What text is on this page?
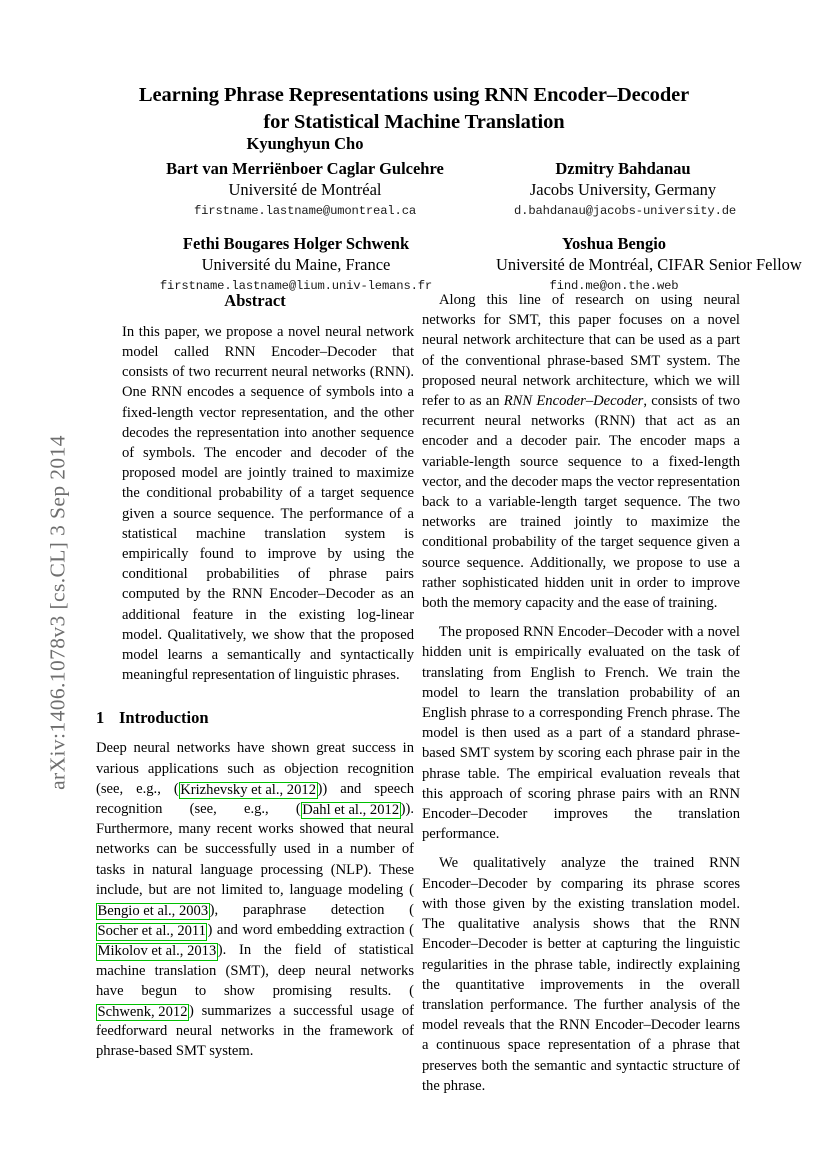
arXiv:1406.1078v3 [cs.CL] 3 Sep 2014
Learning Phrase Representations using RNN Encoder–Decoder
for Statistical Machine Translation
Kyunghyun Cho
Bart van Merriënboer Caglar Gulcehre
Université de Montréal
firstname.lastname@umontreal.ca
Dzmitry Bahdanau
Jacobs University, Germany
d.bahdanau@jacobs-university.de
Fethi Bougares Holger Schwenk
Université du Maine, France
firstname.lastname@lium.univ-lemans.fr
Yoshua Bengio
Université de Montréal, CIFAR Senior Fellow
find.me@on.the.web
Abstract
In this paper, we propose a novel neural network model called RNN Encoder–Decoder that consists of two recurrent neural networks (RNN). One RNN encodes a sequence of symbols into a fixed-length vector representation, and the other decodes the representation into another sequence of symbols. The encoder and decoder of the proposed model are jointly trained to maximize the conditional probability of a target sequence given a source sequence. The performance of a statistical machine translation system is empirically found to improve by using the conditional probabilities of phrase pairs computed by the RNN Encoder–Decoder as an additional feature in the existing log-linear model. Qualitatively, we show that the proposed model learns a semantically and syntactically meaningful representation of linguistic phrases.
1 Introduction

Deep neural networks have shown great success in various applications such as objection recognition (see, e.g., ( Krizhevsky et al., 2012 )) and speech recognition (see, e.g., ( Dahl et al., 2012 )). Furthermore, many recent works showed that neural networks can be successfully used in a number of tasks in natural language processing (NLP). These include, but are not limited to, language modeling (Bengio et al., 2003 ), paraphrase detection (Socher et al., 2011 ) and word embedding extraction (Mikolov et al., 2013 ). In the field of statistical machine translation (SMT), deep neural networks have begun to show promising results. (Schwenk, 2012 ) summarizes a successful usage of feedforward neural networks in the framework of phrase-based SMT system.

Along this line of research on using neural networks for SMT, this paper focuses on a novel neural network architecture that can be used as a part of the conventional phrase-based SMT system. The proposed neural network architecture, which we will refer to as an RNN Encoder–Decoder, consists of two recurrent neural networks (RNN) that act as an encoder and a decoder pair. The encoder maps a variable-length source sequence to a fixed-length vector, and the decoder maps the vector representation back to a variable-length target sequence. The two networks are trained jointly to maximize the conditional probability of the target sequence given a source sequence. Additionally, we propose to use a rather sophisticated hidden unit in order to improve both the memory capacity and the ease of training.

The proposed RNN Encoder–Decoder with a novel hidden unit is empirically evaluated on the task of translating from English to French. We train the model to learn the translation probability of an English phrase to a corresponding French phrase. The model is then used as a part of a standard phrase-based SMT system by scoring each phrase pair in the phrase table. The empirical evaluation reveals that this approach of scoring phrase pairs with an RNN Encoder–Decoder improves the translation performance.

We qualitatively analyze the trained RNN Encoder–Decoder by comparing its phrase scores with those given by the existing translation model. The qualitative analysis shows that the RNN Encoder–Decoder is better at capturing the linguistic regularities in the phrase table, indirectly explaining the quantitative improvements in the overall translation performance. The further analysis of the model reveals that the RNN Encoder–Decoder learns a continuous space representation of a phrase that preserves both the semantic and syntactic structure of the phrase.
